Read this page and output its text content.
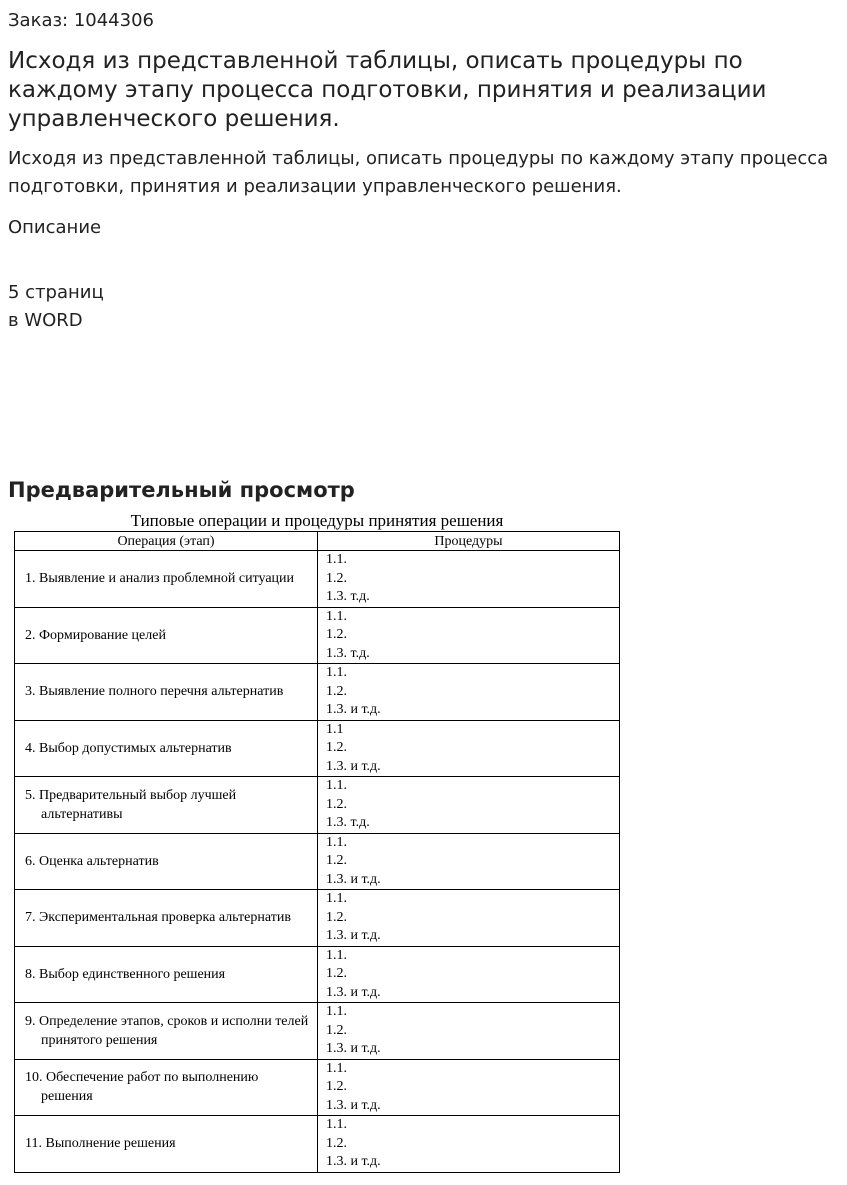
Заказ: 1044306
Исходя из представленной таблицы, описать процедуры по каждому этапу процесса подготовки, принятия и реализации управленческого решения.
Исходя из представленной таблицы, описать процедуры по каждому этапу процесса подготовки, принятия и реализации управленческого решения.
Описание
5 страниц
в WORD
Предварительный просмотр
Типовые операции и процедуры принятия решения
Операция (этап)	Процедуры

1. Выявление и анализ проблемной ситуации	1.1.
1.2.
1.3. т.д.

2. Формирование целей	1.1.
1.2.
1.3. т.д.

3. Выявление полного перечня альтернатив	1.1.
1.2.
1.3. и т.д.

4. Выбор допустимых альтернатив	1.1
1.2.
1.3. и т.д.

5. Предварительный выбор лучшей альтернативы	1.1.
1.2.
1.3. т.д.

6. Оценка альтернатив	1.1.
1.2.
1.3. и т.д.

7. Экспериментальная проверка альтернатив	1.1.
1.2.
1.3. и т.д.

8. Выбор единственного решения	1.1.
1.2.
1.3. и т.д.

9. Определение этапов, сроков и исполни телей принятого решения	1.1.
1.2.
1.3. и т.д.

10. Обеспечение работ по выполнению решения	1.1.
1.2.
1.3. и т.д.

11. Выполнение решения	1.1.
1.2.
1.3. и т.д.
